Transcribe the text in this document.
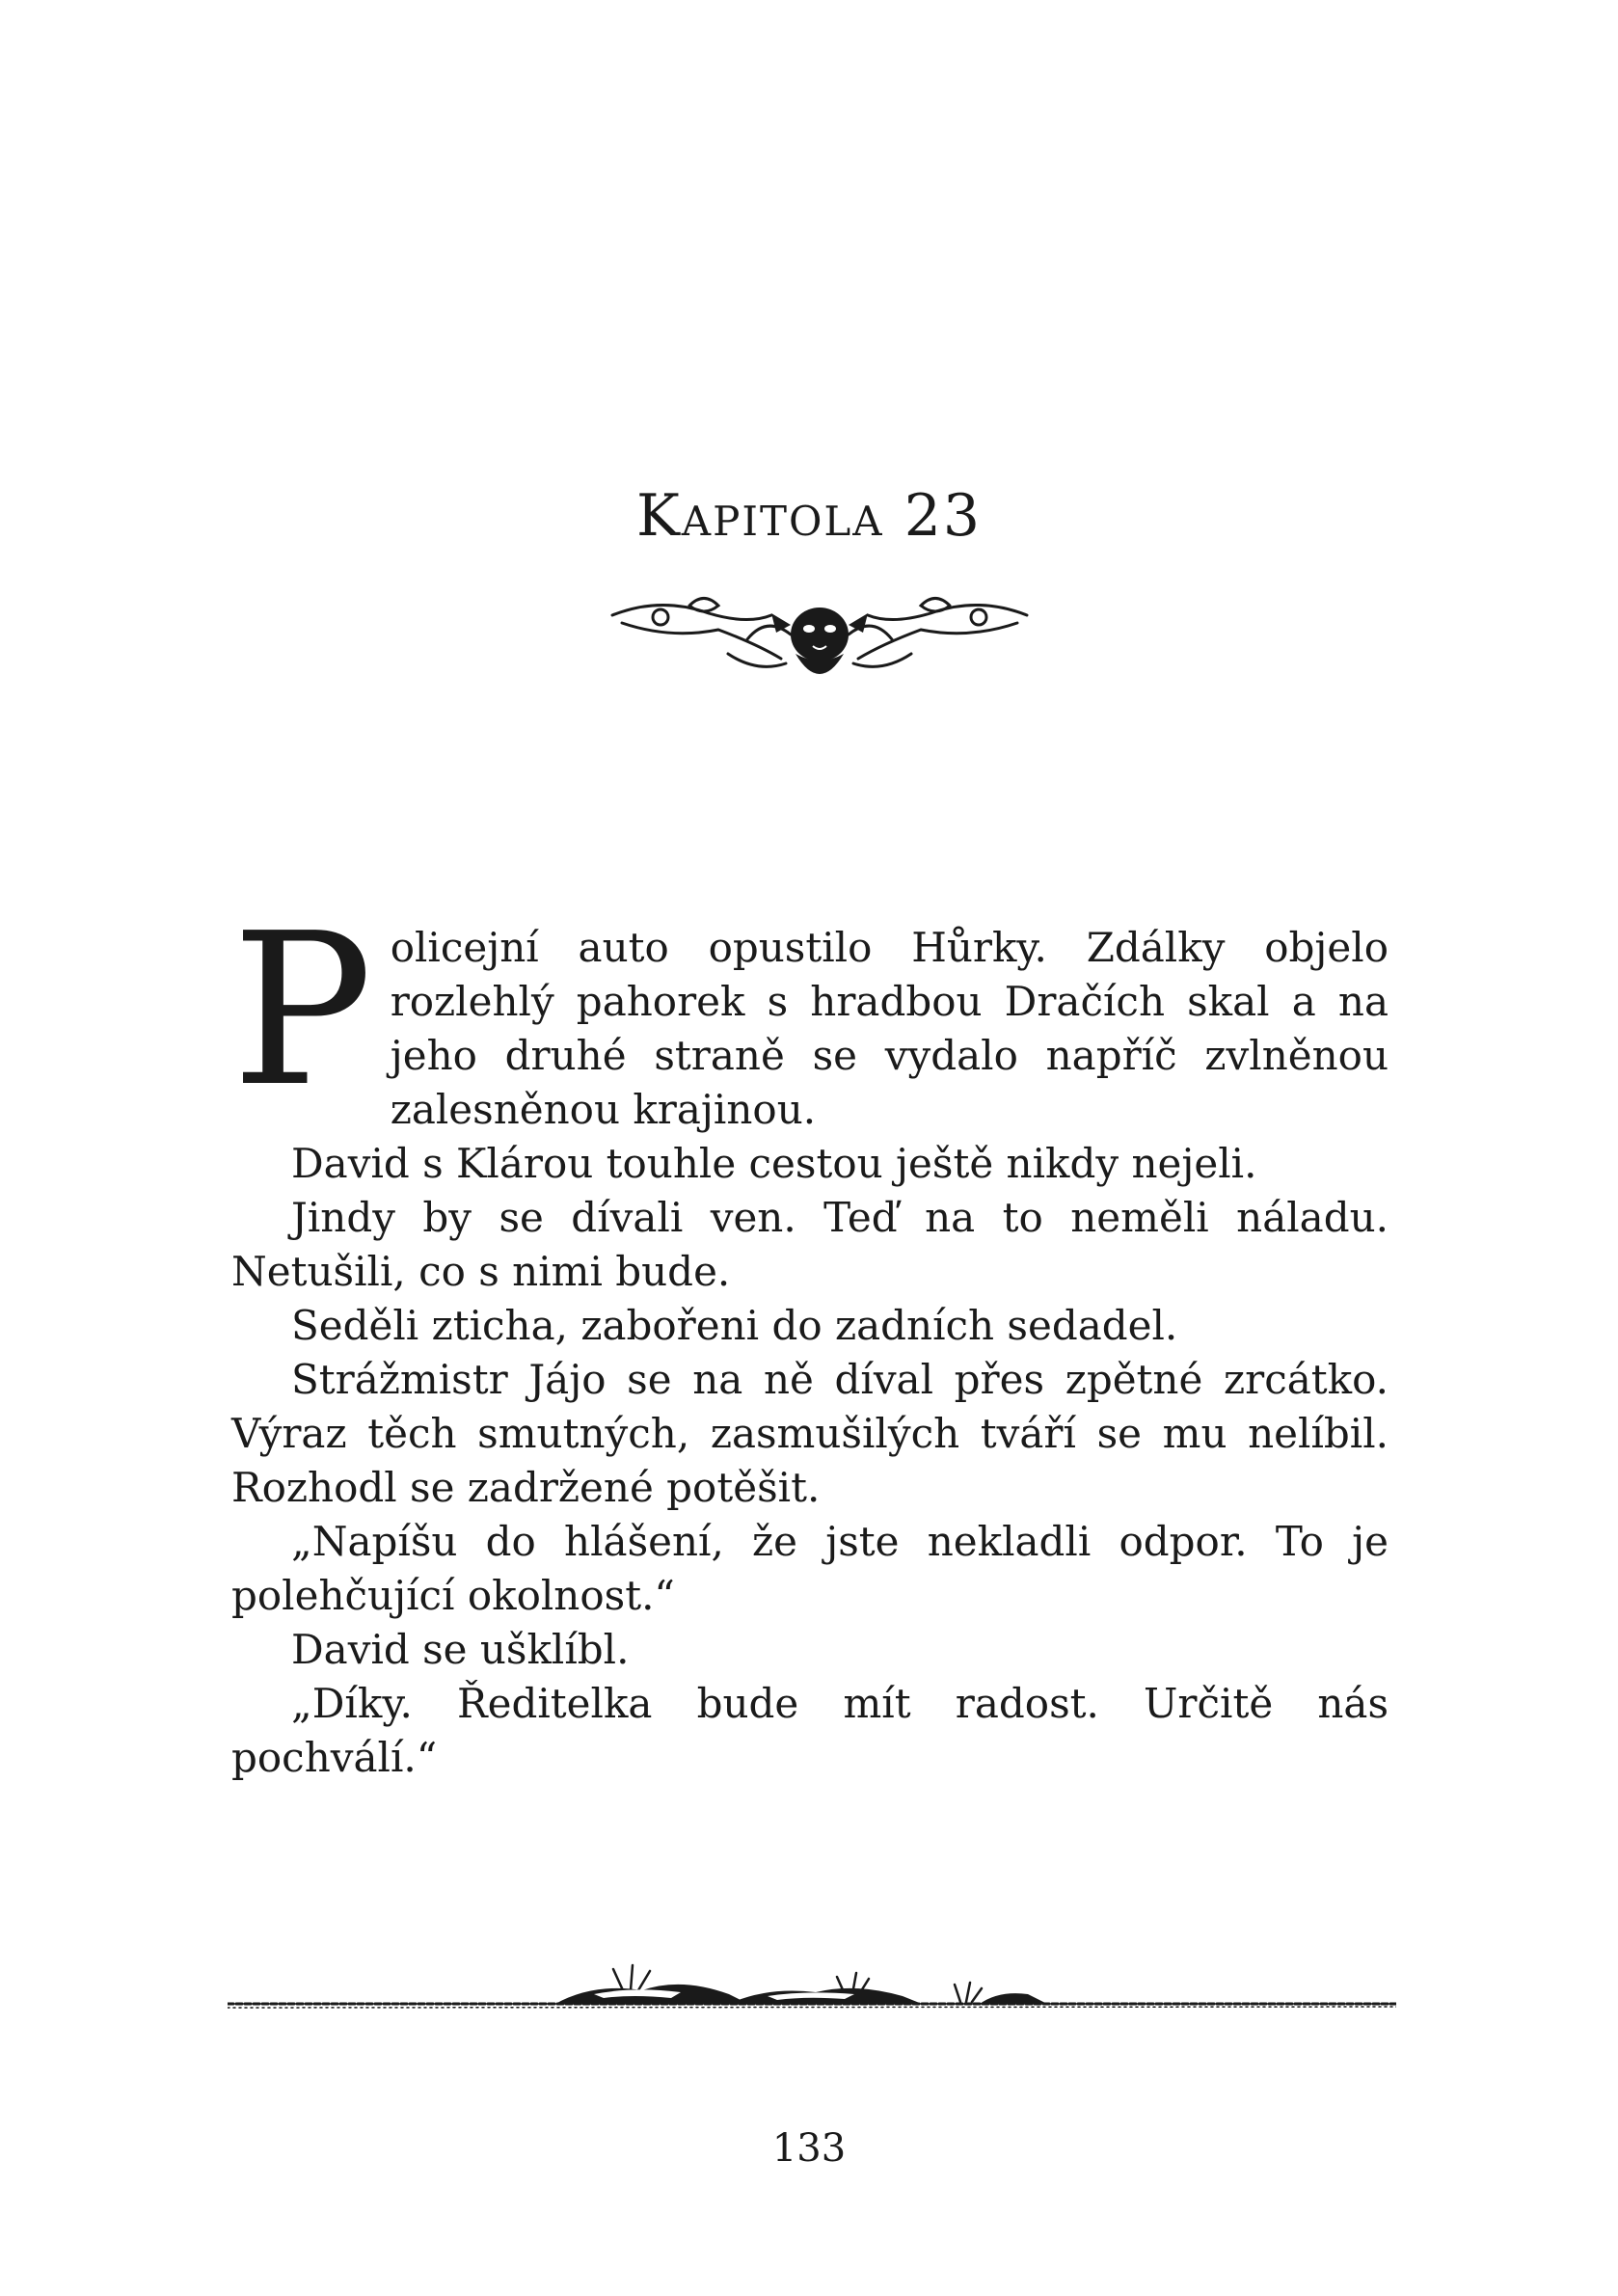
Kapitola 23

Policejní auto opustilo Hůrky. Zdálky objelo rozlehlý pahorek s hradbou Dračích skal a na jeho druhé straně se vydalo napříč zvlněnou zalesněnou krajinou.

David s Klárou touhle cestou ještě nikdy nejeli.

Jindy by se dívali ven. Teď na to neměli náladu. Netušili, co s nimi bude.

Seděli zticha, zabořeni do zadních sedadel.

Strážmistr Jájo se na ně díval přes zpětné zrcátko. Výraz těch smutných, zasmušilých tváří se mu nelíbil. Rozhodl se zadržené potěšit.

„Napíšu do hlášení, že jste nekladli odpor. To je polehčující okolnost.“

David se ušklíbl.

„Díky. Ředitelka bude mít radost. Určitě nás pochválí.“

133
